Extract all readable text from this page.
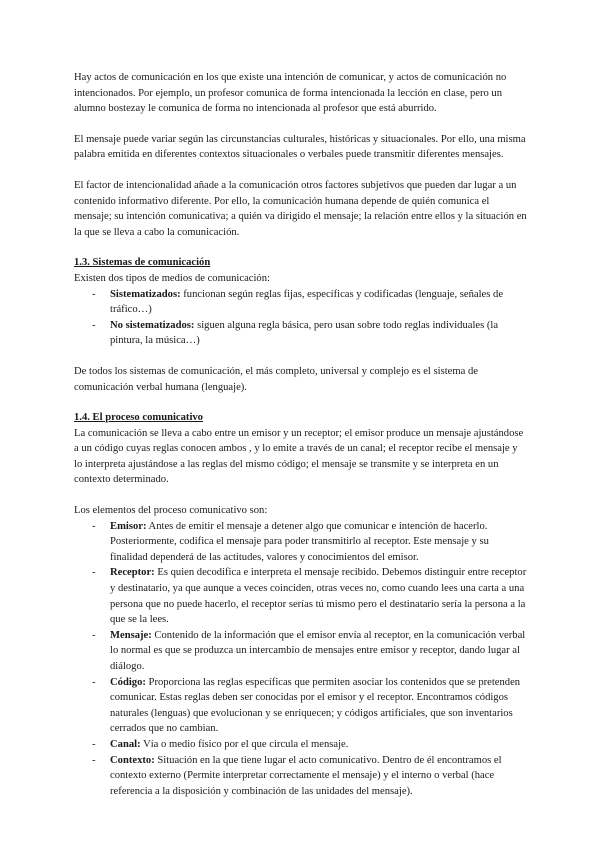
Hay actos de comunicación en los que existe una intención de comunicar, y actos de comunicación no intencionados. Por ejemplo, un profesor comunica de forma intencionada la lección en clase, pero un alumno bostezay le comunica de forma no intencionada al profesor que está aburrido.

El mensaje puede variar según las circunstancias culturales, históricas y situacionales. Por ello, una misma palabra emitida en diferentes contextos situacionales o verbales puede transmitir diferentes mensajes.

El factor de intencionalidad añade a la comunicación otros factores subjetivos que pueden dar lugar a un contenido informativo diferente. Por ello, la comunicación humana depende de quién comunica el mensaje; su intención comunicativa; a quién va dirigido el mensaje; la relación entre ellos y la situación en la que se lleva a cabo la comunicación.

1.3. Sistemas de comunicación

Existen dos tipos de medios de comunicación:

- Sistematizados: funcionan según reglas fijas, específicas y codificadas (lenguaje, señales de tráfico…)
- No sistematizados: siguen alguna regla básica, pero usan sobre todo reglas individuales (la pintura, la música…)

De todos los sistemas de comunicación, el más completo, universal y complejo es el sistema de comunicación verbal humana (lenguaje).

1.4. El proceso comunicativo

La comunicación se lleva a cabo entre un emisor y un receptor; el emisor produce un mensaje ajustándose a un código cuyas reglas conocen ambos , y lo emite a través de un canal; el receptor recibe el mensaje y lo interpreta ajustándose a las reglas del mismo código; el mensaje se transmite y se interpreta en un contexto determinado.

Los elementos del proceso comunicativo son:

- Emisor: Antes de emitir el mensaje a detener algo que comunicar e intención de hacerlo. Posteriormente, codifica el mensaje para poder transmitirlo al receptor. Este mensaje y su finalidad dependerá de las actitudes, valores y conocimientos del emisor.
- Receptor: Es quien decodifica e interpreta el mensaje recibido. Debemos distinguir entre receptor y destinatario, ya que aunque a veces coinciden, otras veces no, como cuando lees una carta a una persona que no puede hacerlo, el receptor serías tú mismo pero el destinatario sería la persona a la que se la lees.
- Mensaje: Contenido de la información que el emisor envía al receptor, en la comunicación verbal lo normal es que se produzca un intercambio de mensajes entre emisor y receptor, dando lugar al diálogo.
- Código: Proporciona las reglas específicas que permiten asociar los contenidos que se pretenden comunicar. Estas reglas deben ser conocidas por el emisor y el receptor. Encontramos códigos naturales (lenguas) que evolucionan y se enriquecen; y códigos artificiales, que son inventarios cerrados que no cambian.
- Canal: Vía o medio físico por el que circula el mensaje.
- Contexto: Situación en la que tiene lugar el acto comunicativo. Dentro de él encontramos el contexto externo (Permite interpretar correctamente el mensaje) y el interno o verbal (hace referencia a la disposición y combinación de las unidades del mensaje).
